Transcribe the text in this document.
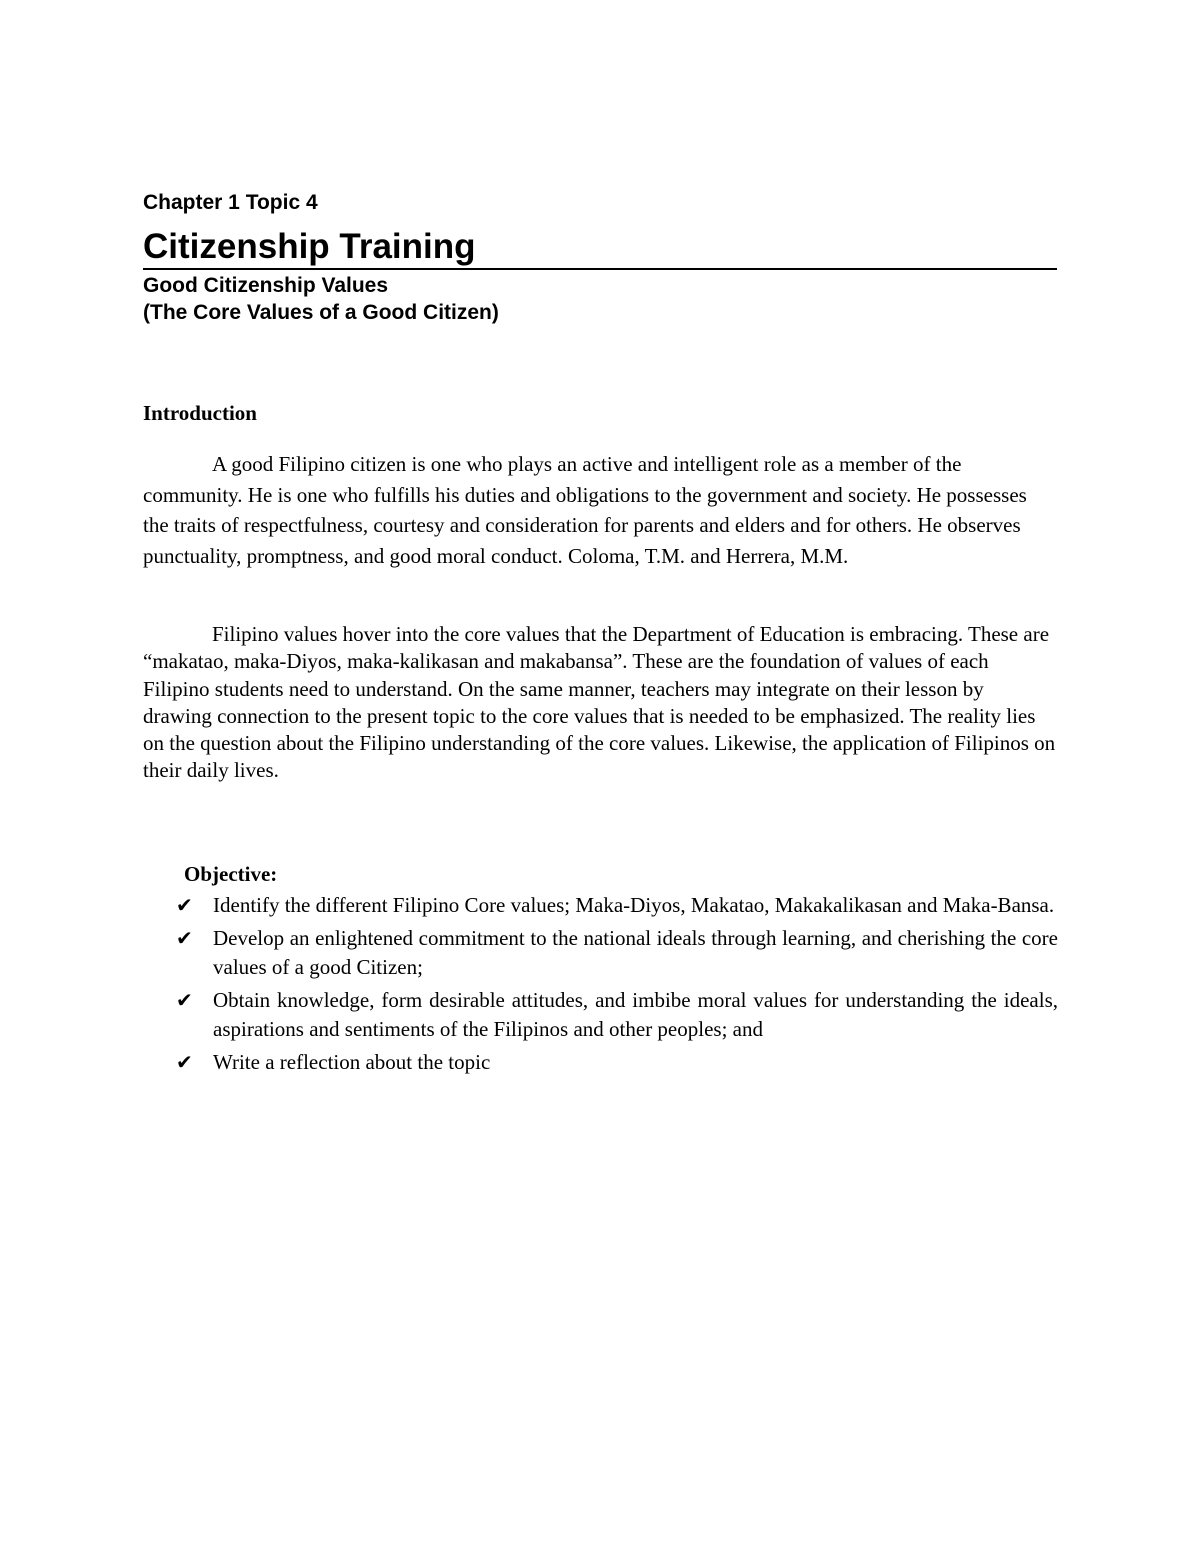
Chapter 1 Topic 4
Citizenship Training
Good Citizenship Values
(The Core Values of a Good Citizen)
Introduction

A good Filipino citizen is one who plays an active and intelligent role as a member of the community. He is one who fulfills his duties and obligations to the government and society. He possesses the traits of respectfulness, courtesy and consideration for parents and elders and for others. He observes punctuality, promptness, and good moral conduct. Coloma, T.M. and Herrera, M.M.

Filipino values hover into the core values that the Department of Education is embracing. These are “makatao, maka-Diyos, maka-kalikasan and makabansa”. These are the foundation of values of each Filipino students need to understand. On the same manner, teachers may integrate on their lesson by drawing connection to the present topic to the core values that is needed to be emphasized. The reality lies on the question about the Filipino understanding of the core values. Likewise, the application of Filipinos on their daily lives.

Objective:
✔ Identify the different Filipino Core values; Maka-Diyos, Makatao, Makakalikasan and Maka-Bansa.
✔ Develop an enlightened commitment to the national ideals through learning, and cherishing the core values of a good Citizen;
✔ Obtain knowledge, form desirable attitudes, and imbibe moral values for understanding the ideals, aspirations and sentiments of the Filipinos and other peoples; and
✔ Write a reflection about the topic
